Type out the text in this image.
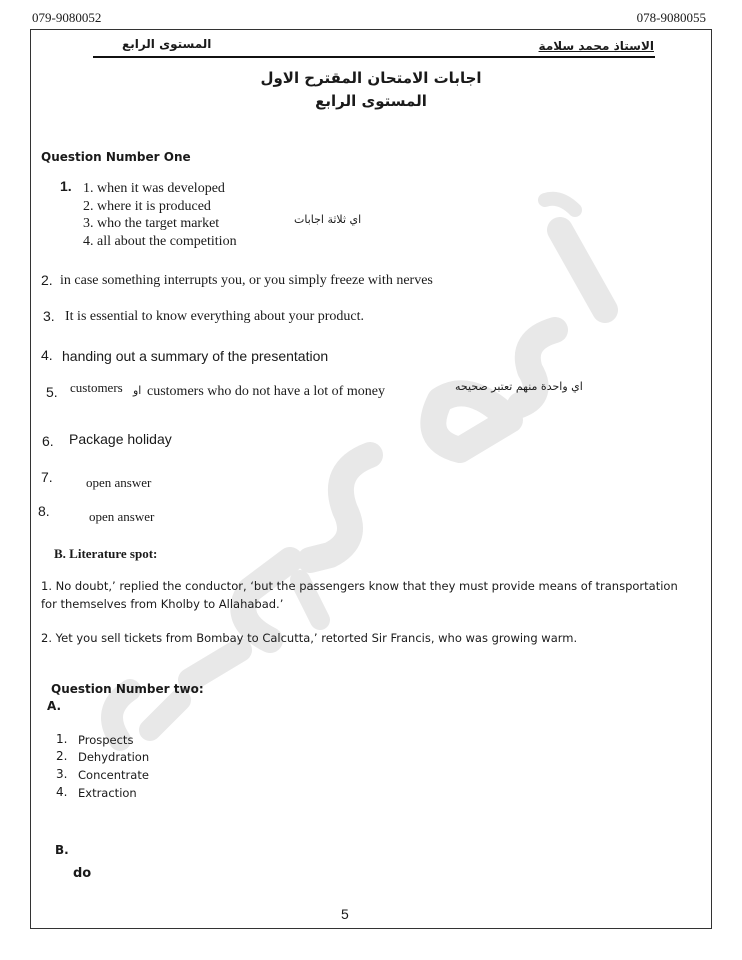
079-9080052	078-9080055
المستوى الرابع	الاستاذ محمد سلامة
اجابات الامتحان المقترح الاول
المستوى الرابع
Question Number One
1. 1. when it was developed
2. where it is produced
3. who the target market
4. all about the competition
اي ثلاثة اجابات
2. in case something interrupts you, or you simply freeze with nerves
3. It is essential to know everything about your product.
4. handing out a summary of the presentation
5. customers او customers who do not have a lot of money	اي واحدة منهم تعتبر صحيحه
6. Package holiday
7.	open answer
8.	open answer
B. Literature spot:
1. No doubt,’ replied the conductor, ‘but the passengers know that they must provide means of transportation
for themselves from Kholby to Allahabad.’
2. Yet you sell tickets from Bombay to Calcutta,’ retorted Sir Francis, who was growing warm.
Question Number two:
A.
1. Prospects
2. Dehydration
3. Concentrate
4. Extraction
B.
do
5
